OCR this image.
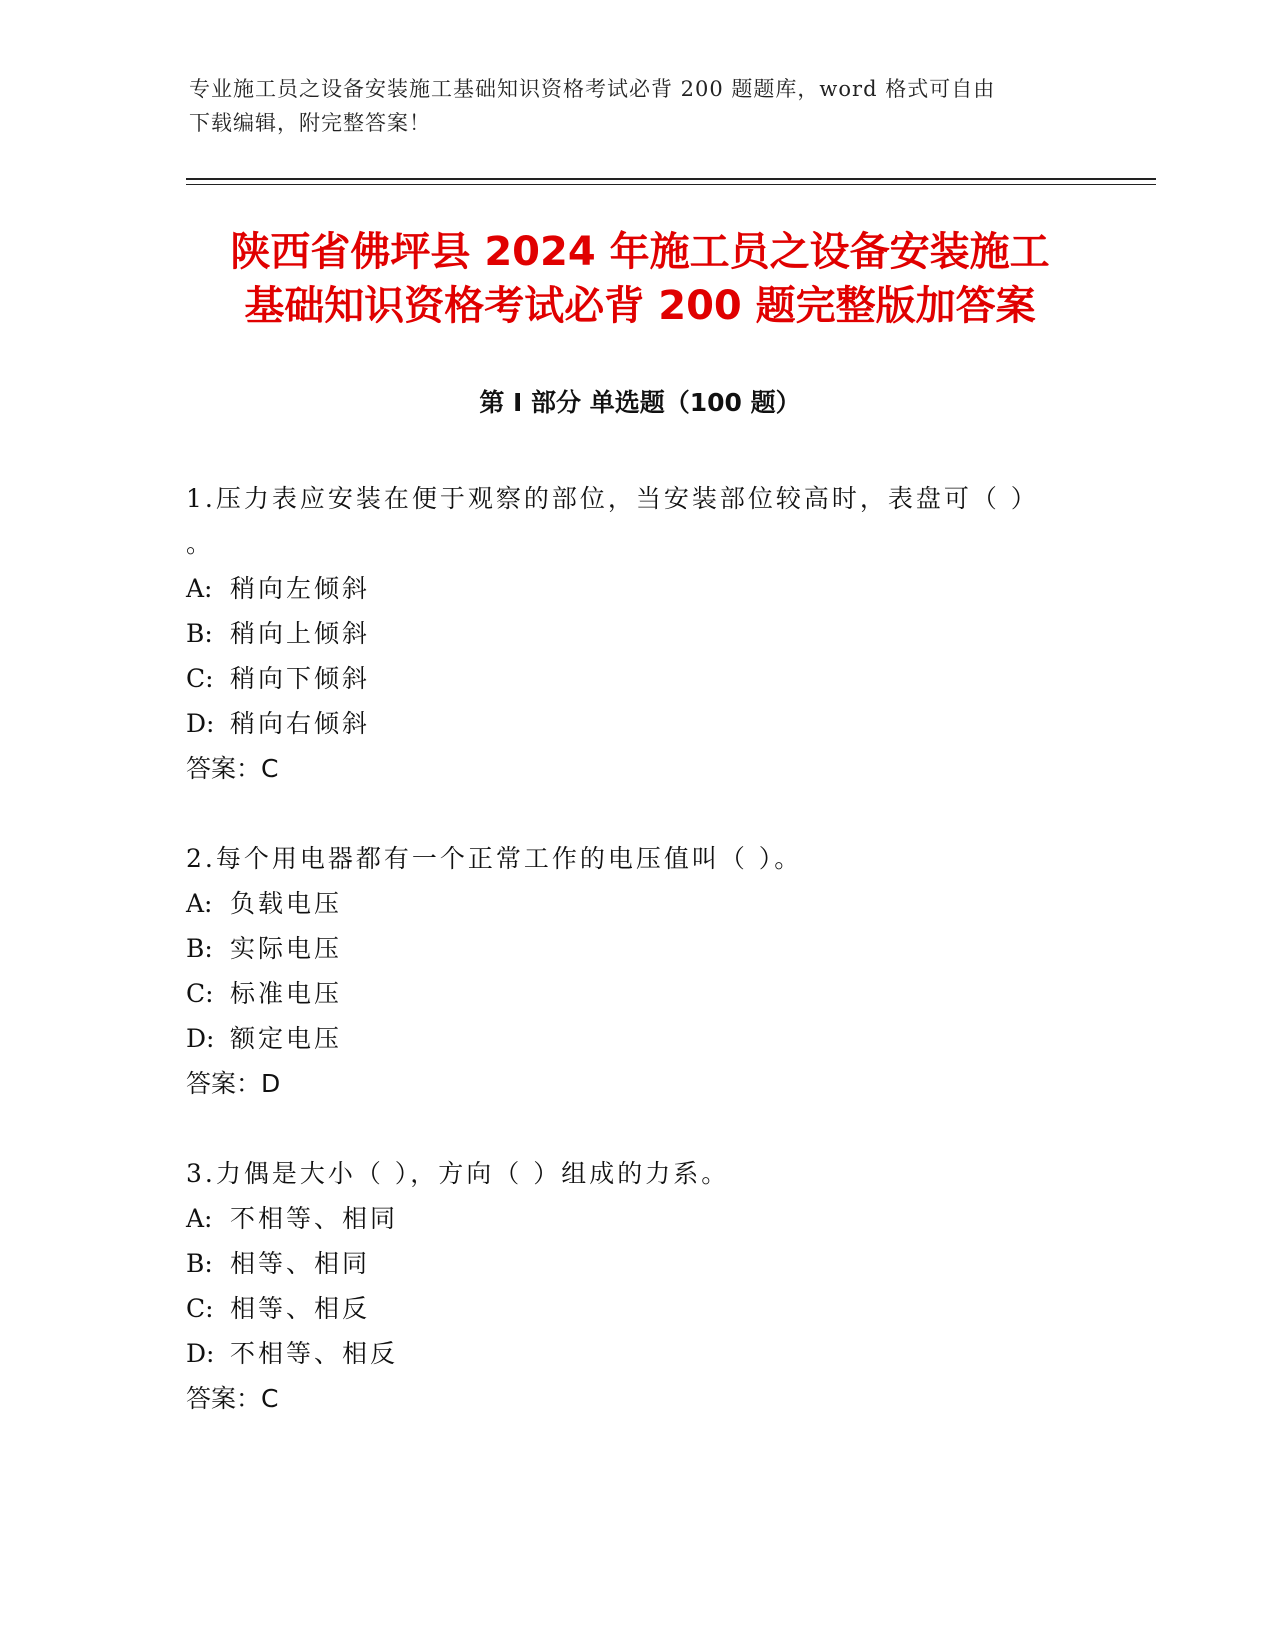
专业施工员之设备安装施工基础知识资格考试必背 200 题题库，word 格式可自由
下载编辑，附完整答案！
陕西省佛坪县 2024 年施工员之设备安装施工
基础知识资格考试必背 200 题完整版加答案
第 I 部分 单选题（100 题）

1.压力表应安装在便于观察的部位，当安装部位较高时，表盘可（ ）
。

A: 稍向左倾斜

B: 稍向上倾斜

C: 稍向下倾斜

D: 稍向右倾斜

答案：C

2.每个用电器都有一个正常工作的电压值叫（ ）。

A: 负载电压

B: 实际电压

C: 标准电压

D: 额定电压

答案：D

3.力偶是大小（ ），方向（ ）组成的力系。

A: 不相等、相同

B: 相等、相同

C: 相等、相反

D: 不相等、相反

答案：C
